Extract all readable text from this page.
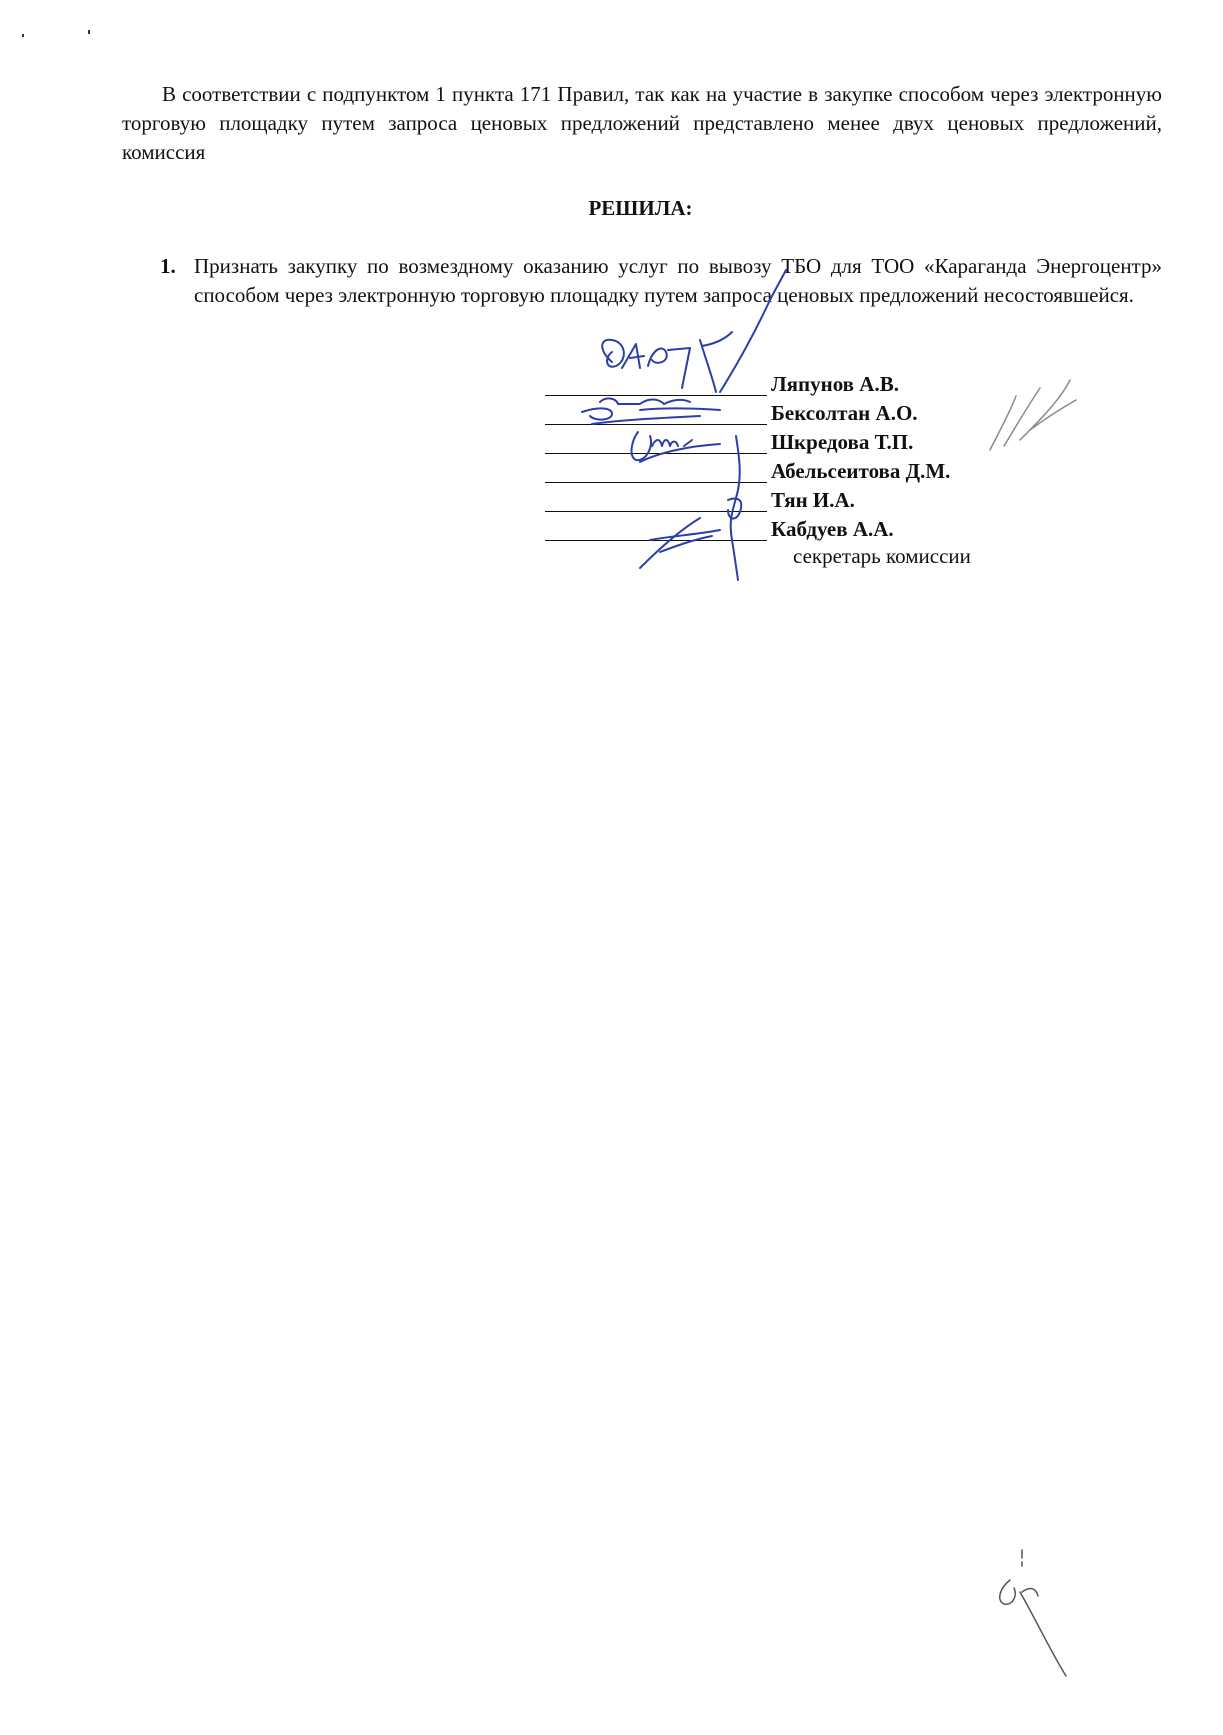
В соответствии с подпунктом 1 пункта 171 Правил, так как на участие в закупке способом через электронную торговую площадку путем запроса ценовых предложений представлено менее двух ценовых предложений, комиссия

РЕШИЛА:
1. Признать закупку по возмездному оказанию услуг по вывозу ТБО для ТОО «Караганда Энергоцентр» способом через электронную торговую площадку путем запроса ценовых предложений несостоявшейся.

Ляпунов А.В.
Бексолтан А.О.
Шкредова Т.П.
Абельсеитова Д.М.
Тян И.А.
Кабдуев А.А.
секретарь комиссии
